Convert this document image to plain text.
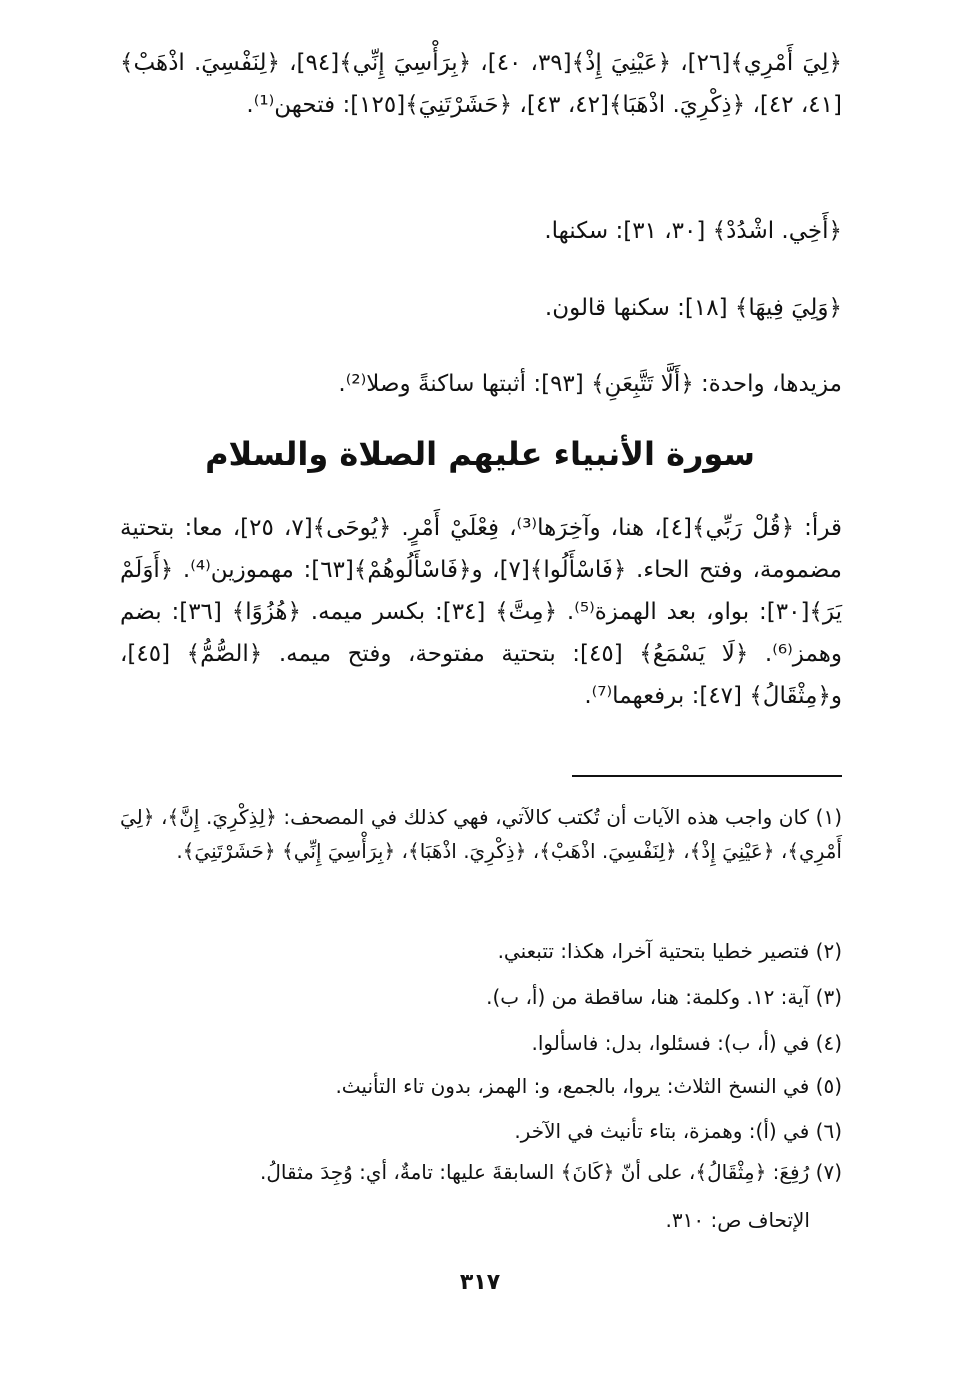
﴿لِيَ أَمْرِي﴾[٢٦]، ﴿عَيْنِيَ إِذْ﴾[٣٩، ٤٠]، ﴿بِرَأْسِيَ إِنِّي﴾[٩٤]، ﴿لِنَفْسِيَ. اذْهَبْ﴾[٤١، ٤٢]، ﴿ذِكْرِيَ. اذْهَبَا﴾[٤٢، ٤٣]، ﴿حَشَرْتَنِيَ﴾[١٢٥]: فتحهن⁽¹⁾.

﴿أَخِي. اشْدُدْ﴾ [٣٠، ٣١]: سكنها.

﴿وَلِيَ فِيهَا﴾ [١٨]: سكنها قالون.

مزيدها، واحدة: ﴿أَلَّا تَتَّبِعَنِ﴾ [٩٣]: أثبتها ساكنةً وصلا⁽²⁾.

سورة الأنبياء عليهم الصلاة والسلام

قرأ: ﴿قُلْ رَبِّي﴾[٤]، هنا، وآخِرَها⁽³⁾، فِعْلَيْ أَمْرٍ. ﴿يُوحَى﴾[٧، ٢٥]، معا: بتحتية مضمومة، وفتح الحاء. ﴿فَاسْأَلُوا﴾[٧]، و﴿فَاسْأَلُوهُمْ﴾[٦٣]: مهموزين⁽⁴⁾. ﴿أَوَلَمْ يَرَ﴾[٣٠]: بواو، بعد الهمزة⁽⁵⁾. ﴿مِتَّ﴾ [٣٤]: بكسر ميمه. ﴿هُزُوًا﴾ [٣٦]: بضم وهمز⁽⁶⁾. ﴿لَا يَسْمَعُ﴾ [٤٥]: بتحتية مفتوحة، وفتح ميمه. ﴿الصُّمُّ﴾ [٤٥]، و﴿مِثْقَالُ﴾ [٤٧]: برفعهما⁽⁷⁾.

(١) كان واجب هذه الآيات أن تُكتب كالآتي، فهي كذلك في المصحف: ﴿لِذِكْرِيَ. إِنَّ﴾، ﴿لِيَ أَمْرِي﴾، ﴿عَيْنِيَ إِذْ﴾، ﴿لِنَفْسِيَ. اذْهَبْ﴾، ﴿ذِكْرِيَ. اذْهَبَا﴾، ﴿بِرَأْسِيَ إِنِّي﴾ ﴿حَشَرْتَنِيَ﴾.

(٢) فتصير خطيا بتحتية آخرا، هكذا: تتبعني.

(٣) آية: ١٢. وكلمة: هنا، ساقطة من (أ، ب).

(٤) في (أ، ب): فسئلوا، بدل: فاسألوا.

(٥) في النسخ الثلاث: يروا، بالجمع، و: الهمز، بدون تاء التأنيث.

(٦) في (أ): وهمزة، بتاء تأنيث في الآخر.

(٧) رُفِعَ: ﴿مِثْقَالُ﴾، على أنّ ﴿كَانَ﴾ السابقةَ عليها: تامةٌ، أي: وُجِدَ مثقالُ.

الإتحاف ص: ٣١٠.

٣١٧
